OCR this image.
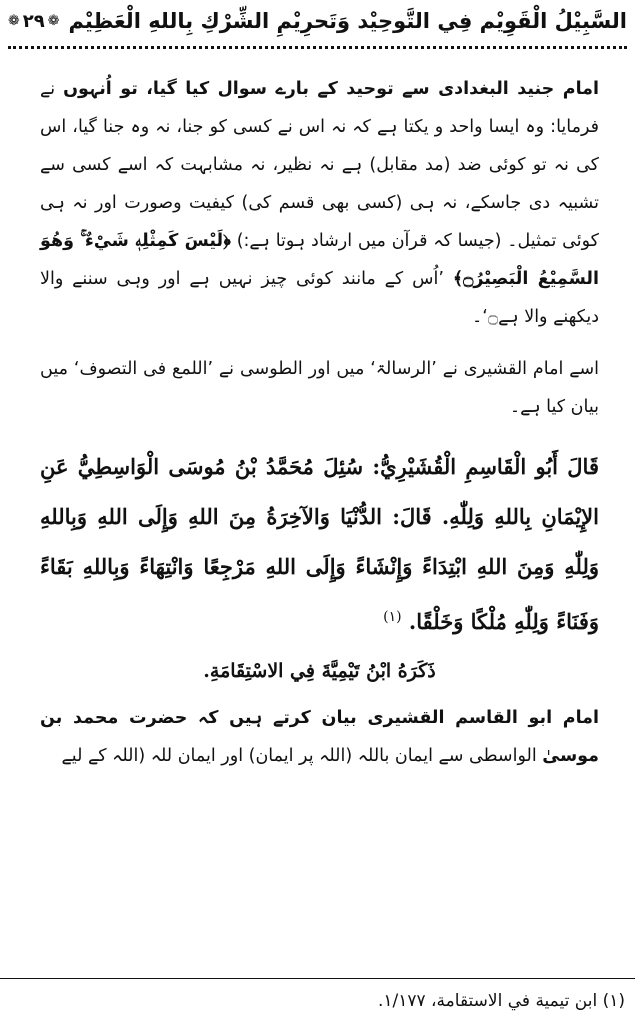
السَّبِيْلُ الْقَوِيْم فِي التَّوحِيْد وَتَحرِيْمِ الشِّرْكِ بِاللهِ الْعَظِيْم
❁
٢٩
❁

امام جنید البغدادی سے توحید کے بارے سوال کیا گیا، تو اُنہوں نے فرمایا: وہ ایسا واحد و یکتا ہے کہ نہ اس نے کسی کو جنا، نہ وہ جنا گیا، اس کی نہ تو کوئی ضد (مد مقابل) ہے نہ نظیر، نہ مشابہت کہ اسے کسی سے تشبیہ دی جاسکے، نہ ہی (کسی بھی قسم کی) کیفیت وصورت اور نہ ہی کوئی تمثیل۔ (جیسا کہ قرآن میں ارشاد ہوتا ہے:) ﴿لَيْسَ كَمِثْلِهٖ شَيْءٌ ۚ وَهُوَ السَّمِيْعُ الْبَصِيْرُ۝﴾ ’اُس کے مانند کوئی چیز نہیں ہے اور وہی سننے والا دیکھنے والا ہے۝‘۔

اسے امام القشیری نے ’الرسالۃ‘ میں اور الطوسی نے ’اللمع فی التصوف‘ میں بیان کیا ہے۔

قَالَ أَبُو الْقَاسِمِ الْقُشَيْرِيُّ: سُئِلَ مُحَمَّدُ بْنُ مُوسَى الْوَاسِطِيُّ عَنِ الإِيْمَانِ بِاللهِ وَلِلّٰهِ. قَالَ: الدُّنْيَا وَالآخِرَةُ مِنَ اللهِ وَإِلَى اللهِ وَبِاللهِ وَلِلّٰهِ وَمِنَ اللهِ ابْتِدَاءً وَإِنْشَاءً وَإِلَى اللهِ مَرْجِعًا وَانْتِهَاءً وَبِاللهِ بَقَاءً وَفَنَاءً وَلِلّٰهِ مُلْكًا وَخَلْقًا. $^{(١)}$

ذَكَرَهُ ابْنُ تَيْمِيَّةَ فِي الاسْتِقَامَةِ.

امام ابو القاسم القشیری بیان کرتے ہیں کہ حضرت محمد بن موسیٰ الواسطی سے ایمان باللہ (اللہ پر ایمان) اور ایمان للہ (اللہ کے لیے

(١) ابن تيمية في الاستقامة، ١/١٧٧.
